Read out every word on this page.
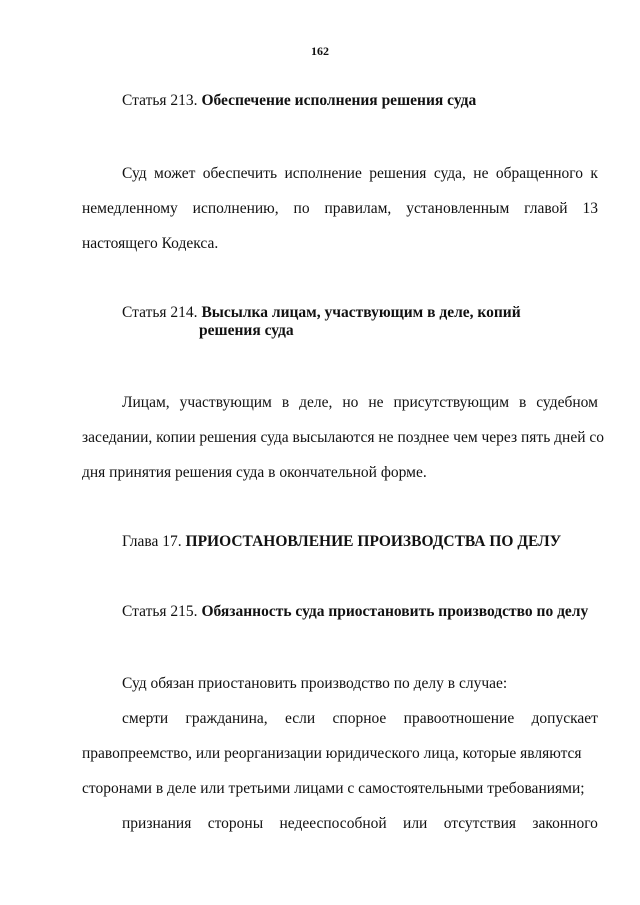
162
Статья 213. Обеспечение исполнения решения суда
Суд может обеспечить исполнение решения суда, не обращенного к
немедленному исполнению, по правилам, установленным главой 13
настоящего Кодекса.
Статья 214. Высылка лицам, участвующим в деле, копий
решения суда
Лицам, участвующим в деле, но не присутствующим в судебном
заседании, копии решения суда высылаются не позднее чем через пять дней со
дня принятия решения суда в окончательной форме.
Глава 17. ПРИОСТАНОВЛЕНИЕ ПРОИЗВОДСТВА ПО ДЕЛУ
Статья 215. Обязанность суда приостановить производство по делу
Суд обязан приостановить производство по делу в случае:
смерти гражданина, если спорное правоотношение допускает
правопреемство, или реорганизации юридического лица, которые являются
сторонами в деле или третьими лицами с самостоятельными требованиями;
признания стороны недееспособной или отсутствия законного
